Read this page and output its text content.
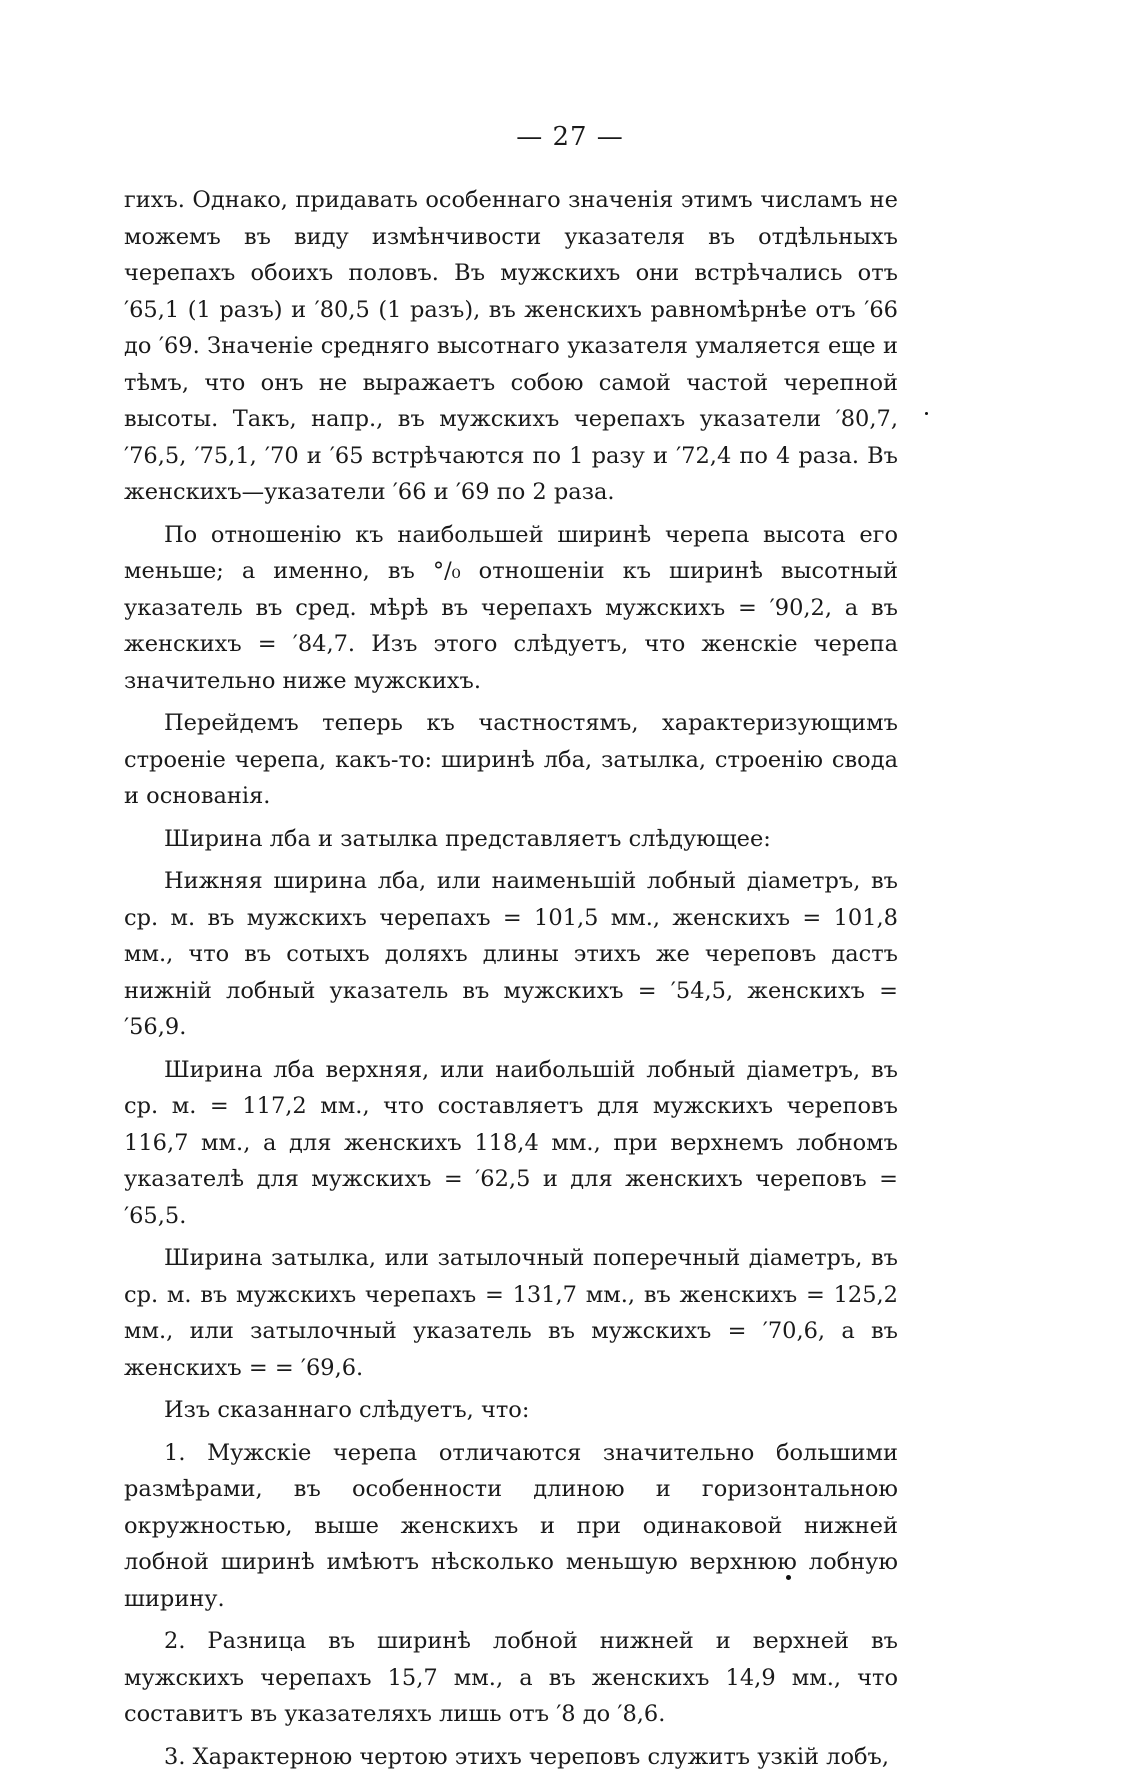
— 27 —

гихъ. Однако, придавать особеннаго значенія этимъ числамъ не можемъ въ виду измѣнчивости указателя въ отдѣльныхъ черепахъ обоихъ половъ. Въ мужскихъ они встрѣчались отъ ′65,1 (1 разъ) и ′80,5 (1 разъ), въ женскихъ равномѣрнѣе отъ ′66 до ′69. Значеніе средняго высотнаго указателя умаляется еще и тѣмъ, что онъ не выражаетъ собою самой частой черепной высоты. Такъ, напр., въ мужскихъ черепахъ указатели ′80,7, ′76,5, ′75,1, ′70 и ′65 встрѣчаются по 1 разу и ′72,4 по 4 раза. Въ женскихъ—указатели ′66 и ′69 по 2 раза.

По отношенію къ наибольшей ширинѣ черепа высота его меньше; а именно, въ °/₀ отношеніи къ ширинѣ высотный указатель въ сред. мѣрѣ въ черепахъ мужскихъ = ′90,2, а въ женскихъ = ′84,7. Изъ этого слѣдуетъ, что женскіе черепа значительно ниже мужскихъ.

Перейдемъ теперь къ частностямъ, характеризующимъ строеніе черепа, какъ-то: ширинѣ лба, затылка, строенію свода и основанія.

Ширина лба и затылка представляетъ слѣдующее:

Нижняя ширина лба, или наименьшій лобный діаметръ, въ ср. м. въ мужскихъ черепахъ = 101,5 мм., женскихъ = 101,8 мм., что въ сотыхъ доляхъ длины этихъ же череповъ дастъ нижній лобный указатель въ мужскихъ = ′54,5, женскихъ = ′56,9.

Ширина лба верхняя, или наибольшій лобный діаметръ, въ ср. м. = 117,2 мм., что составляетъ для мужскихъ череповъ 116,7 мм., а для женскихъ 118,4 мм., при верхнемъ лобномъ указателѣ для мужскихъ = ′62,5 и для женскихъ череповъ = ′65,5.

Ширина затылка, или затылочный поперечный діаметръ, въ ср. м. въ мужскихъ черепахъ = 131,7 мм., въ женскихъ = 125,2 мм., или затылочный указатель въ мужскихъ = ′70,6, а въ женскихъ = = ′69,6.

Изъ сказаннаго слѣдуетъ, что:

1. Мужскіе черепа отличаются значительно большими размѣрами, въ особенности длиною и горизонтальною окружностью, выше женскихъ и при одинаковой нижней лобной ширинѣ имѣютъ нѣсколько меньшую верхнюю лобную ширину.

2. Разница въ ширинѣ лобной нижней и верхней въ мужскихъ черепахъ 15,7 мм., а въ женскихъ 14,9 мм., что составитъ въ указателяхъ лишь отъ ′8 до ′8,6.

3. Характерною чертою этихъ череповъ служитъ узкій лобъ,
